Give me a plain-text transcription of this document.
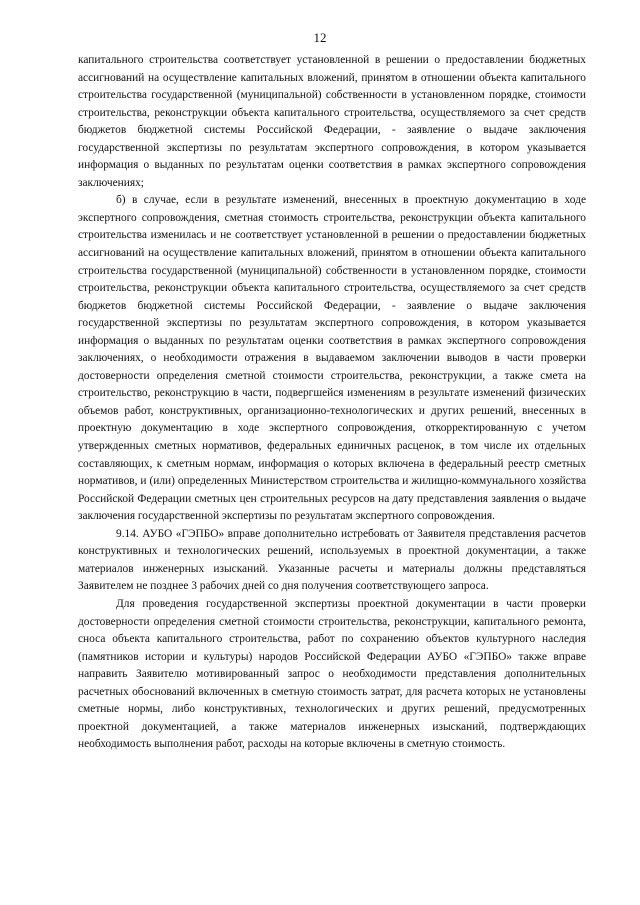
12

капитального строительства соответствует установленной в решении о предоставлении бюджетных ассигнований на осуществление капитальных вложений, принятом в отношении объекта капитального строительства государственной (муниципальной) собственности в установленном порядке, стоимости строительства, реконструкции объекта капитального строительства, осуществляемого за счет средств бюджетов бюджетной системы Российской Федерации, - заявление о выдаче заключения государственной экспертизы по результатам экспертного сопровождения, в котором указывается информация о выданных по результатам оценки соответствия в рамках экспертного сопровождения заключениях;

б) в случае, если в результате изменений, внесенных в проектную документацию в ходе экспертного сопровождения, сметная стоимость строительства, реконструкции объекта капитального строительства изменилась и не соответствует установленной в решении о предоставлении бюджетных ассигнований на осуществление капитальных вложений, принятом в отношении объекта капитального строительства государственной (муниципальной) собственности в установленном порядке, стоимости строительства, реконструкции объекта капитального строительства, осуществляемого за счет средств бюджетов бюджетной системы Российской Федерации, - заявление о выдаче заключения государственной экспертизы по результатам экспертного сопровождения, в котором указывается информация о выданных по результатам оценки соответствия в рамках экспертного сопровождения заключениях, о необходимости отражения в выдаваемом заключении выводов в части проверки достоверности определения сметной стоимости строительства, реконструкции, а также смета на строительство, реконструкцию в части, подвергшейся изменениям в результате изменений физических объемов работ, конструктивных, организационно-технологических и других решений, внесенных в проектную документацию в ходе экспертного сопровождения, откорректированную с учетом утвержденных сметных нормативов, федеральных единичных расценок, в том числе их отдельных составляющих, к сметным нормам, информация о которых включена в федеральный реестр сметных нормативов, и (или) определенных Министерством строительства и жилищно-коммунального хозяйства Российской Федерации сметных цен строительных ресурсов на дату представления заявления о выдаче заключения государственной экспертизы по результатам экспертного сопровождения.

9.14. АУБО «ГЭПБО» вправе дополнительно истребовать от Заявителя представления расчетов конструктивных и технологических решений, используемых в проектной документации, а также материалов инженерных изысканий. Указанные расчеты и материалы должны представляться Заявителем не позднее 3 рабочих дней со дня получения соответствующего запроса.

Для проведения государственной экспертизы проектной документации в части проверки достоверности определения сметной стоимости строительства, реконструкции, капитального ремонта, сноса объекта капитального строительства, работ по сохранению объектов культурного наследия (памятников истории и культуры) народов Российской Федерации АУБО «ГЭПБО» также вправе направить Заявителю мотивированный запрос о необходимости представления дополнительных расчетных обоснований включенных в сметную стоимость затрат, для расчета которых не установлены сметные нормы, либо конструктивных, технологических и других решений, предусмотренных проектной документацией, а также материалов инженерных изысканий, подтверждающих необходимость выполнения работ, расходы на которые включены в сметную стоимость.
